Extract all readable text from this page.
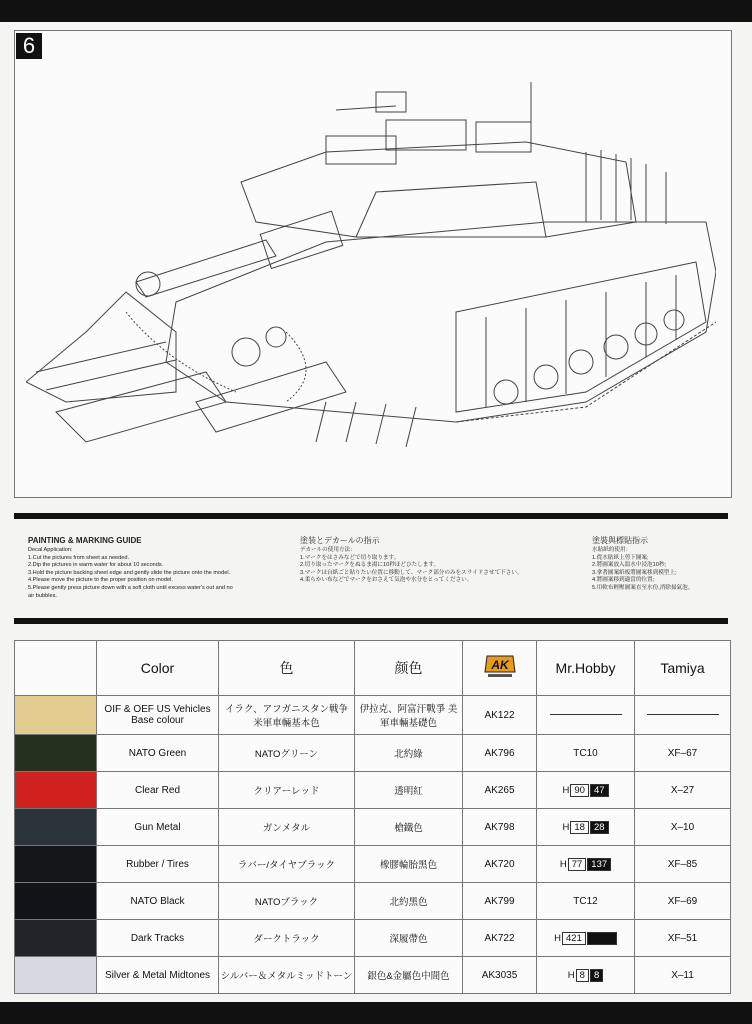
6
PAINTING & MARKING GUIDE
Decal Application:
1.Cut the pictures from sheet as needed.
2.Dip the pictures in warm water for about 10 seconds.
3.Hold the picture backing sheet edge and gently slide the picture onto the model.
4.Please move the picture to the proper position on model.
5.Please gently press picture down with a soft cloth until excess water's out and no
air bubbles.
塗装とデカールの指示
デカールの使用方法：
1.マークをはさみなどで切り取ります。
2.切り取ったマークをぬるま湯に10秒ほどひたします。
3.マークは台紙ごと貼りたい位置に移動して、マーク部分のみをスライドさせて下さい。
4.柔らかい布などでマークをおさえて気泡や水分をとってください。
塗裝與標貼指示
水貼紙的使用：
1.從水貼紙上剪下圖案;
2.將圖案放入溫水中浸泡10秒;
3.拿著圖案紙板將圖案移到模型上;
4.將圖案移到適當的位置;
5.用軟布輕壓圖案直至水份,消除掃氣泡。
	Color	色	颜色	AK	Mr.Hobby	Tamiya
	OIF & OEF US Vehicles Base colour	イラク、アフガニスタン戦争 米軍車輛基本色	伊拉克、阿富汗戰爭 美軍車輛基礎色	AK122		
	NATO Green	NATOグリーン	北約綠	AK796	TC10	XF–67
	Clear Red	クリアーレッド	透明紅	AK265	H 90 47	X–27
	Gun Metal	ガンメタル	槍鐵色	AK798	H 18 28	X–10
	Rubber / Tires	ラバー/タイヤブラック	橡膠輪胎黑色	AK720	H 77 137	XF–85
	NATO Black	NATOブラック	北約黑色	AK799	TC12	XF–69
	Dark Tracks	ダークトラック	深履帶色	AK722	H 421	XF–51
	Silver & Metal Midtones	シルバー＆メタルミッドトーン	銀色&金屬色中間色	AK3035	H 8 8	X–11
